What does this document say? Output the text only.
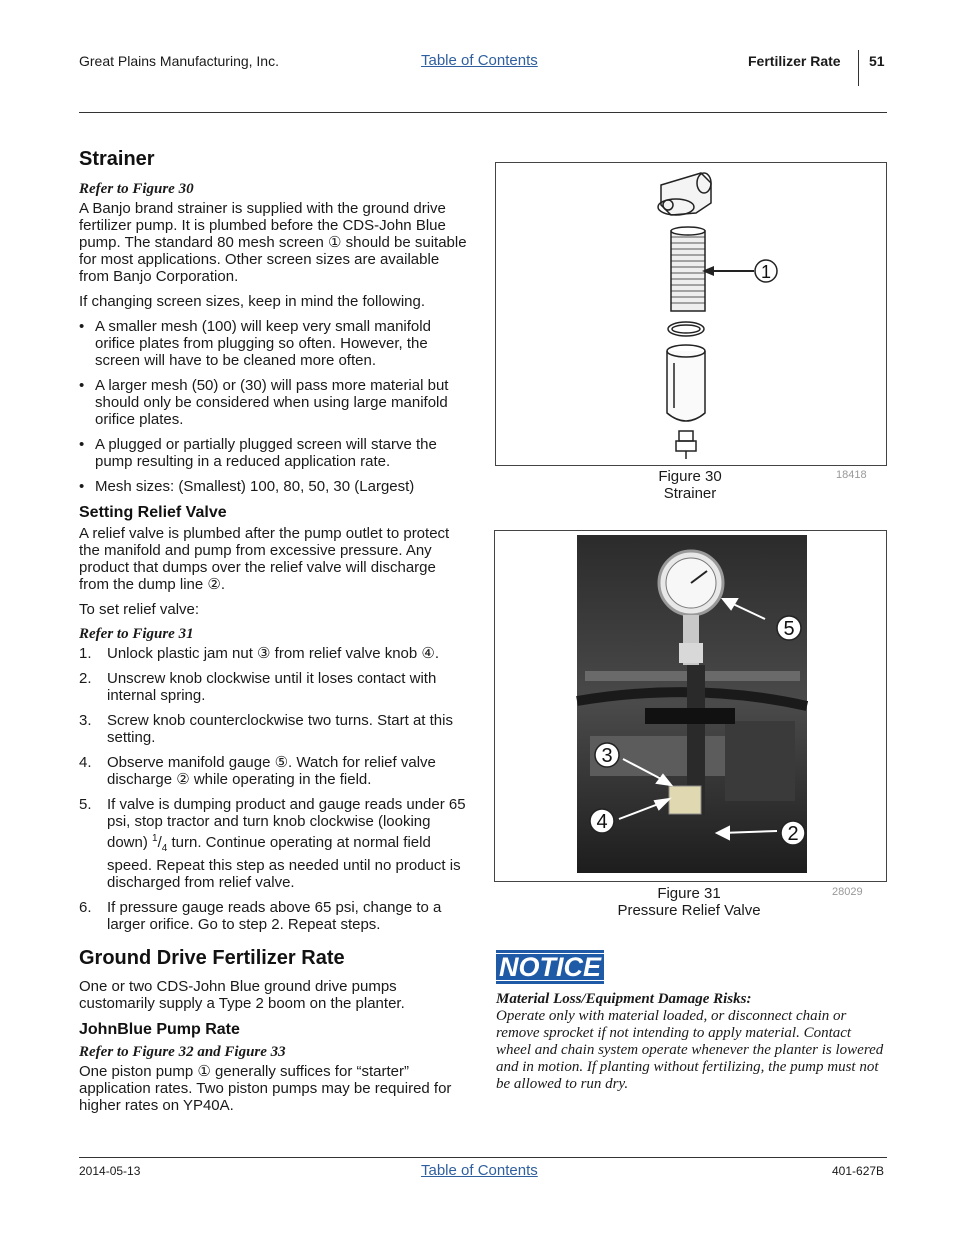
Great Plains Manufacturing, Inc.	Table of Contents	Fertilizer Rate 51
Strainer
Refer to Figure 30
A Banjo brand strainer is supplied with the ground drive fertilizer pump. It is plumbed before the CDS-John Blue pump. The standard 80 mesh screen ① should be suitable for most applications. Other screen sizes are available from Banjo Corporation.
If changing screen sizes, keep in mind the following.
• A smaller mesh (100) will keep very small manifold orifice plates from plugging so often. However, the screen will have to be cleaned more often.
• A larger mesh (50) or (30) will pass more material but should only be considered when using large manifold orifice plates.
• A plugged or partially plugged screen will starve the pump resulting in a reduced application rate.
• Mesh sizes: (Smallest) 100, 80, 50, 30 (Largest)
Setting Relief Valve
A relief valve is plumbed after the pump outlet to protect the manifold and pump from excessive pressure. Any product that dumps over the relief valve will discharge from the dump line ②.
To set relief valve:
Refer to Figure 31
1. Unlock plastic jam nut ③ from relief valve knob ④.
2. Unscrew knob clockwise until it loses contact with internal spring.
3. Screw knob counterclockwise two turns. Start at this setting.
4. Observe manifold gauge ⑤. Watch for relief valve discharge ② while operating in the field.
5. If valve is dumping product and gauge reads under 65 psi, stop tractor and turn knob clockwise (looking down) $^1/_4$ turn. Continue operating at normal field speed. Repeat this step as needed until no product is discharged from relief valve.
6. If pressure gauge reads above 65 psi, change to a larger orifice. Go to step 2. Repeat steps.
Ground Drive Fertilizer Rate
One or two CDS-John Blue ground drive pumps customarily supply a Type 2 boom on the planter.
JohnBlue Pump Rate
Refer to Figure 32 and Figure 33
One piston pump ① generally suffices for “starter” application rates. Two piston pumps may be required for higher rates on YP40A.
1
Figure 30
Strainer
18418
5
3
4
2
Figure 31
Pressure Relief Valve
28029
NOTICE
Material Loss/Equipment Damage Risks:
Operate only with material loaded, or disconnect chain or remove sprocket if not intending to apply material. Contact wheel and chain system operate whenever the planter is lowered and in motion. If planting without fertilizing, the pump must not be allowed to run dry.
2014-05-13	Table of Contents	401-627B
